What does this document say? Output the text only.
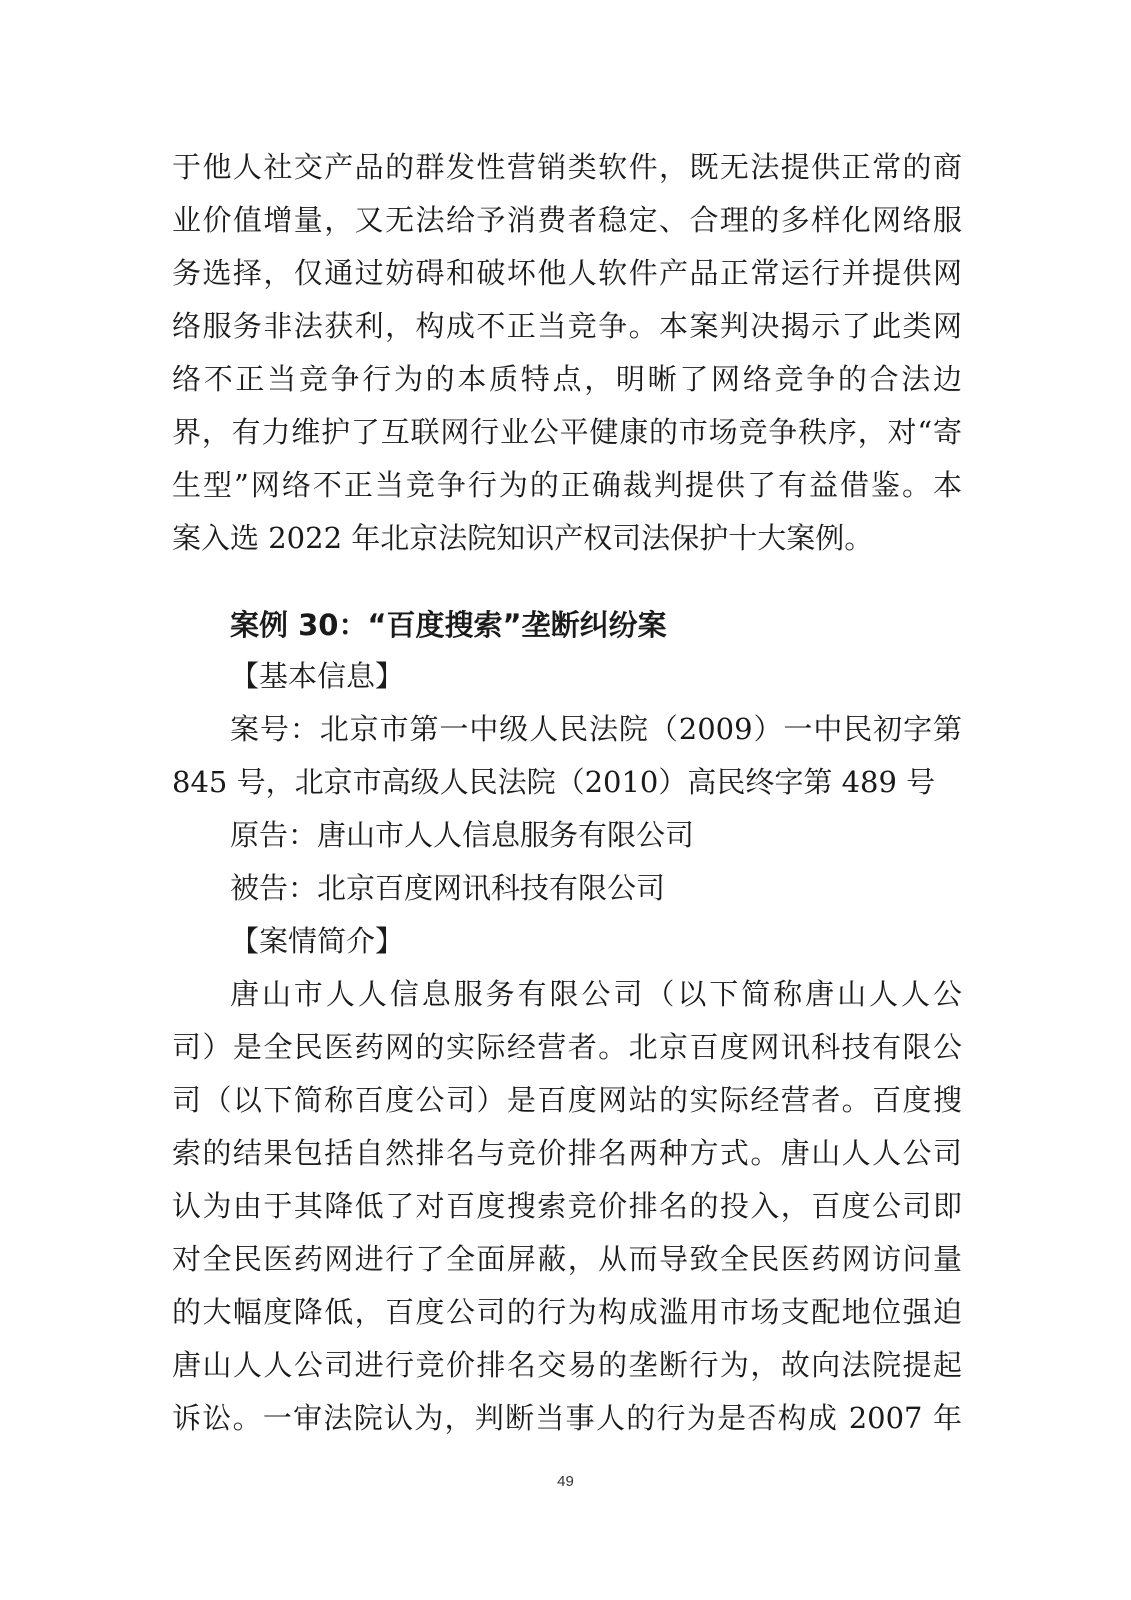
于他人社交产品的群发性营销类软件，既无法提供正常的商
业价值增量，又无法给予消费者稳定、合理的多样化网络服
务选择，仅通过妨碍和破坏他人软件产品正常运行并提供网
络服务非法获利，构成不正当竞争。本案判决揭示了此类网
络不正当竞争行为的本质特点，明晰了网络竞争的合法边
界，有力维护了互联网行业公平健康的市场竞争秩序，对“寄
生型”网络不正当竞争行为的正确裁判提供了有益借鉴。本
案入选 2022 年北京法院知识产权司法保护十大案例。
案例 30：“百度搜索”垄断纠纷案
【基本信息】
案号：北京市第一中级人民法院（2009）一中民初字第
845 号，北京市高级人民法院（2010）高民终字第 489 号
原告：唐山市人人信息服务有限公司
被告：北京百度网讯科技有限公司
【案情简介】
唐山市人人信息服务有限公司（以下简称唐山人人公
司）是全民医药网的实际经营者。北京百度网讯科技有限公
司（以下简称百度公司）是百度网站的实际经营者。百度搜
索的结果包括自然排名与竞价排名两种方式。唐山人人公司
认为由于其降低了对百度搜索竞价排名的投入，百度公司即
对全民医药网进行了全面屏蔽，从而导致全民医药网访问量
的大幅度降低，百度公司的行为构成滥用市场支配地位强迫
唐山人人公司进行竞价排名交易的垄断行为，故向法院提起
诉讼。一审法院认为，判断当事人的行为是否构成 2007 年
49
